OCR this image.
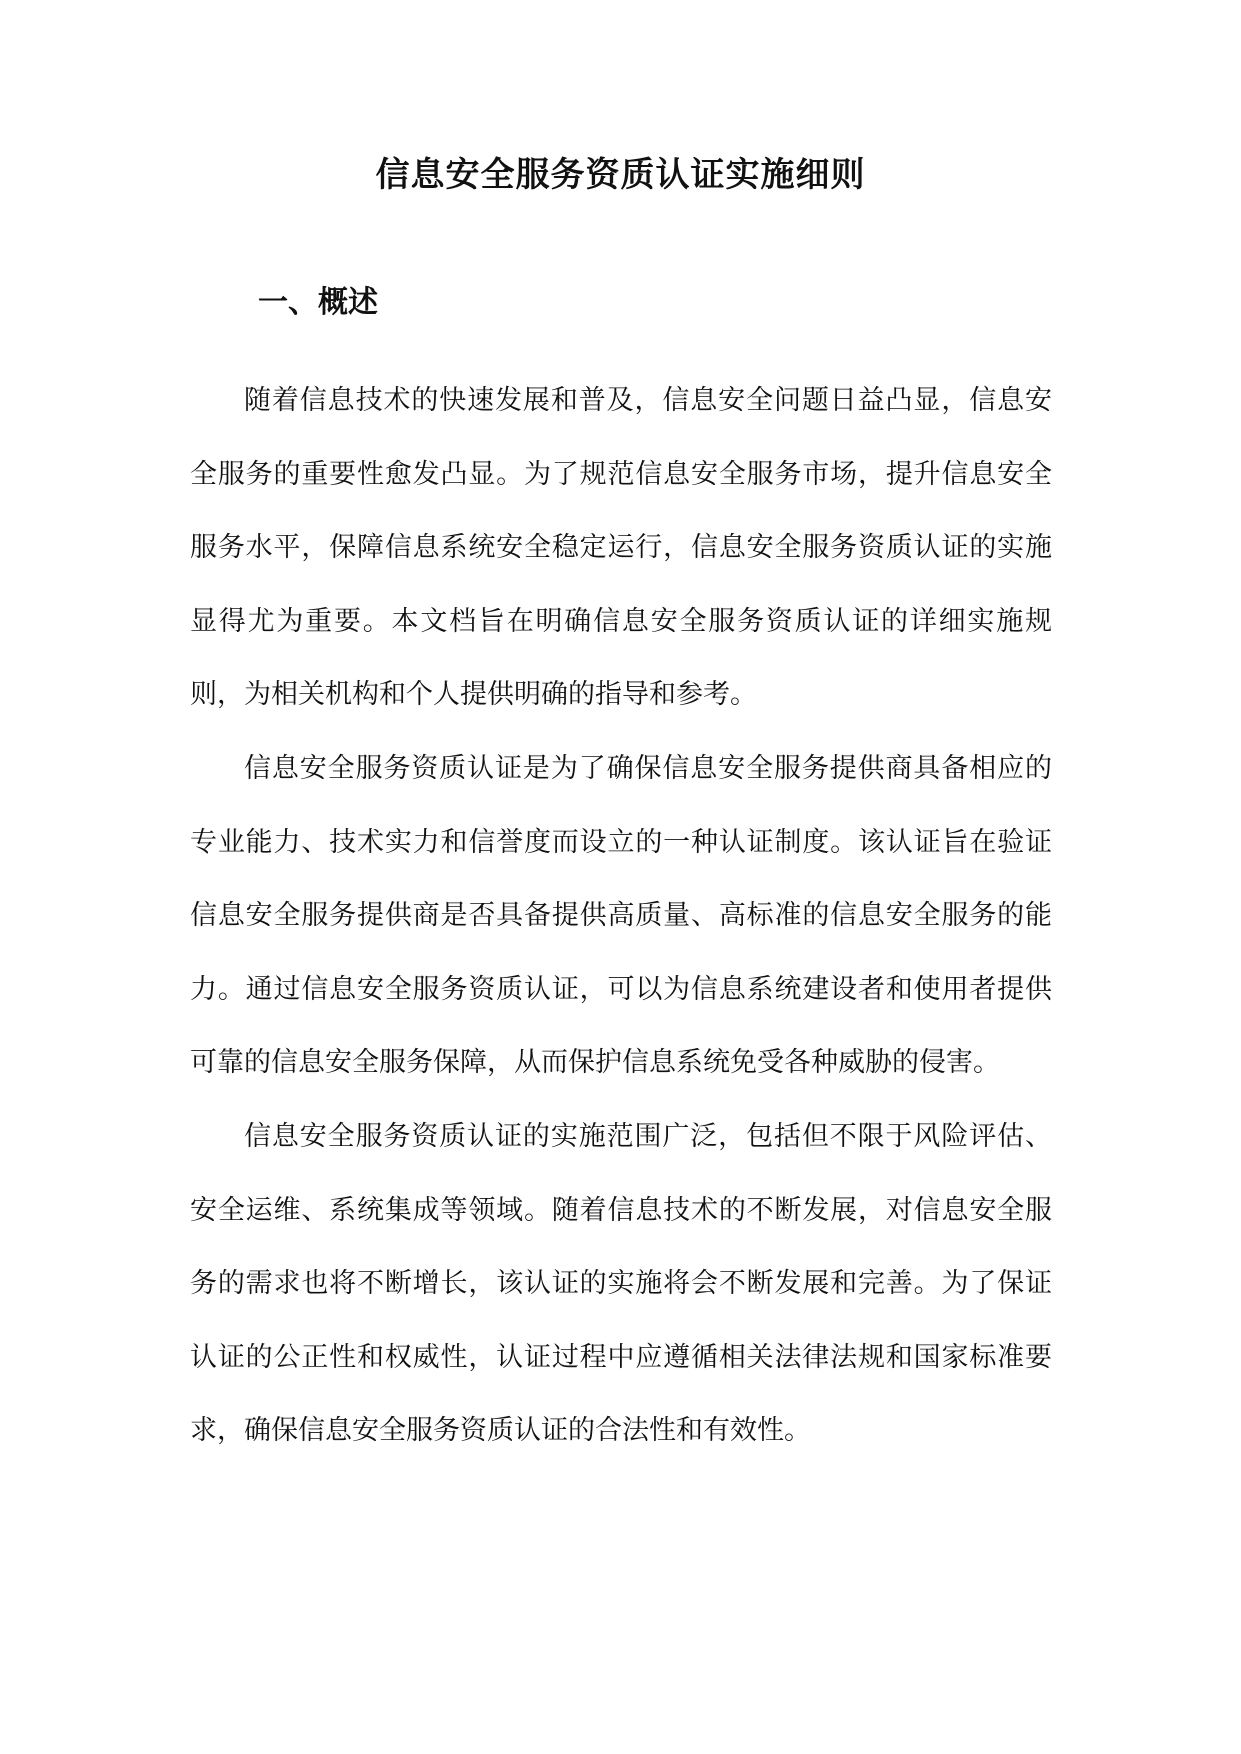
信息安全服务资质认证实施细则
一、概述

随着信息技术的快速发展和普及，信息安全问题日益凸显，信息安全服务的重要性愈发凸显。为了规范信息安全服务市场，提升信息安全服务水平，保障信息系统安全稳定运行，信息安全服务资质认证的实施显得尤为重要。本文档旨在明确信息安全服务资质认证的详细实施规则，为相关机构和个人提供明确的指导和参考。

信息安全服务资质认证是为了确保信息安全服务提供商具备相应的专业能力、技术实力和信誉度而设立的一种认证制度。该认证旨在验证信息安全服务提供商是否具备提供高质量、高标准的信息安全服务的能力。通过信息安全服务资质认证，可以为信息系统建设者和使用者提供可靠的信息安全服务保障，从而保护信息系统免受各种威胁的侵害。

信息安全服务资质认证的实施范围广泛，包括但不限于风险评估、安全运维、系统集成等领域。随着信息技术的不断发展，对信息安全服务的需求也将不断增长，该认证的实施将会不断发展和完善。为了保证认证的公正性和权威性，认证过程中应遵循相关法律法规和国家标准要求，确保信息安全服务资质认证的合法性和有效性。
